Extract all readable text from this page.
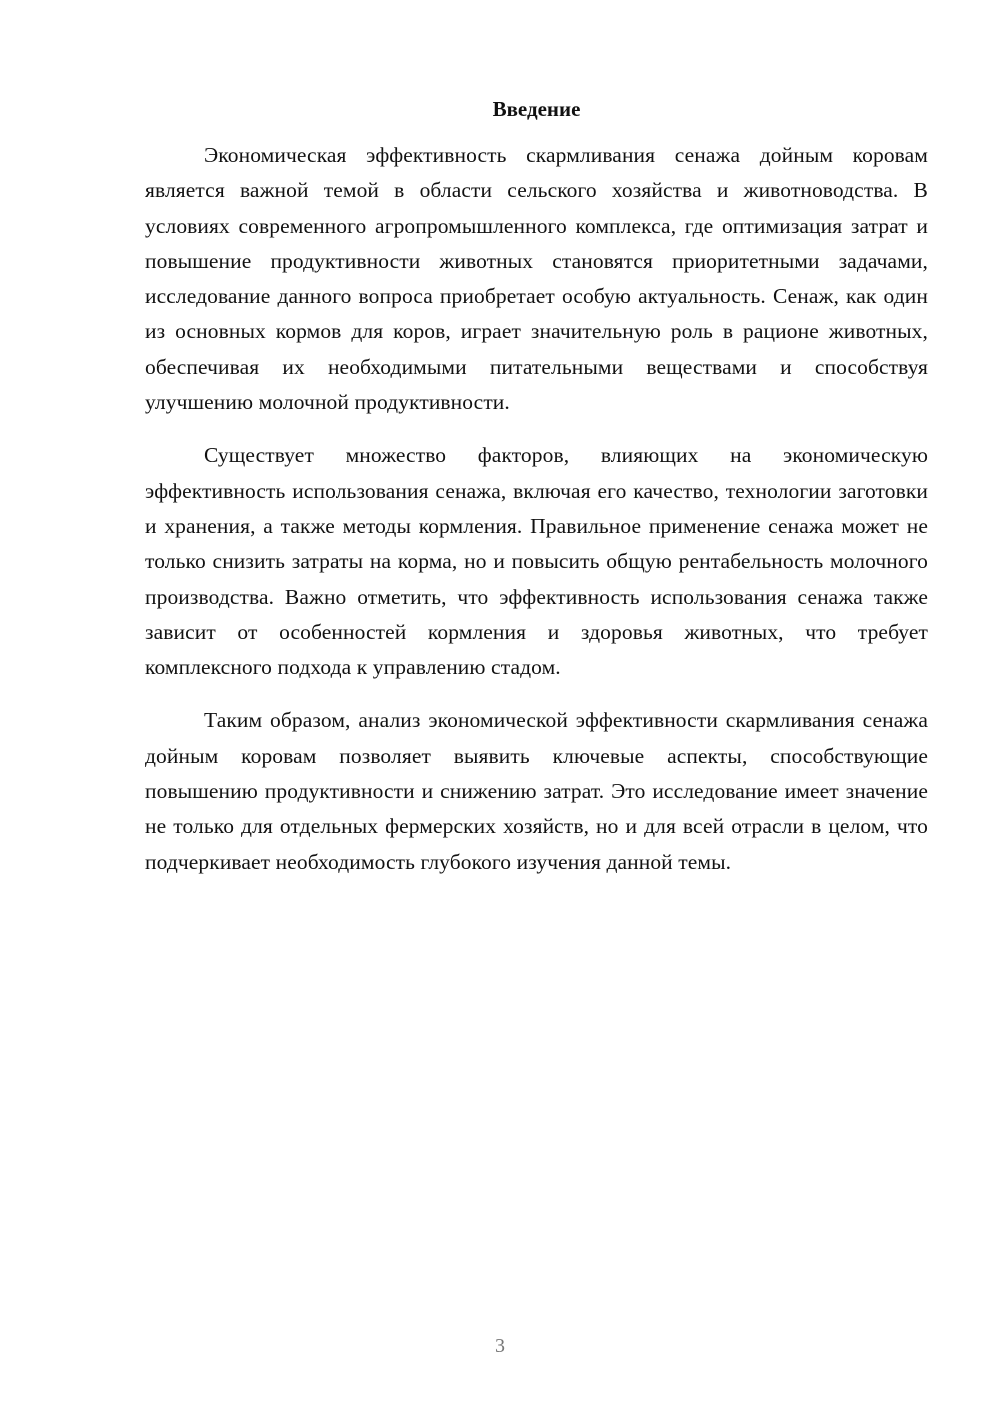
Введение

Экономическая эффективность скармливания сенажа дойным коровам является важной темой в области сельского хозяйства и животноводства. В условиях современного агропромышленного комплекса, где оптимизация затрат и повышение продуктивности животных становятся приоритетными задачами, исследование данного вопроса приобретает особую актуальность. Сенаж, как один из основных кормов для коров, играет значительную роль в рационе животных, обеспечивая их необходимыми питательными веществами и способствуя улучшению молочной продуктивности.

Существует множество факторов, влияющих на экономическую эффективность использования сенажа, включая его качество, технологии заготовки и хранения, а также методы кормления. Правильное применение сенажа может не только снизить затраты на корма, но и повысить общую рентабельность молочного производства. Важно отметить, что эффективность использования сенажа также зависит от особенностей кормления и здоровья животных, что требует комплексного подхода к управлению стадом.

Таким образом, анализ экономической эффективности скармливания сенажа дойным коровам позволяет выявить ключевые аспекты, способствующие повышению продуктивности и снижению затрат. Это исследование имеет значение не только для отдельных фермерских хозяйств, но и для всей отрасли в целом, что подчеркивает необходимость глубокого изучения данной темы.

3
